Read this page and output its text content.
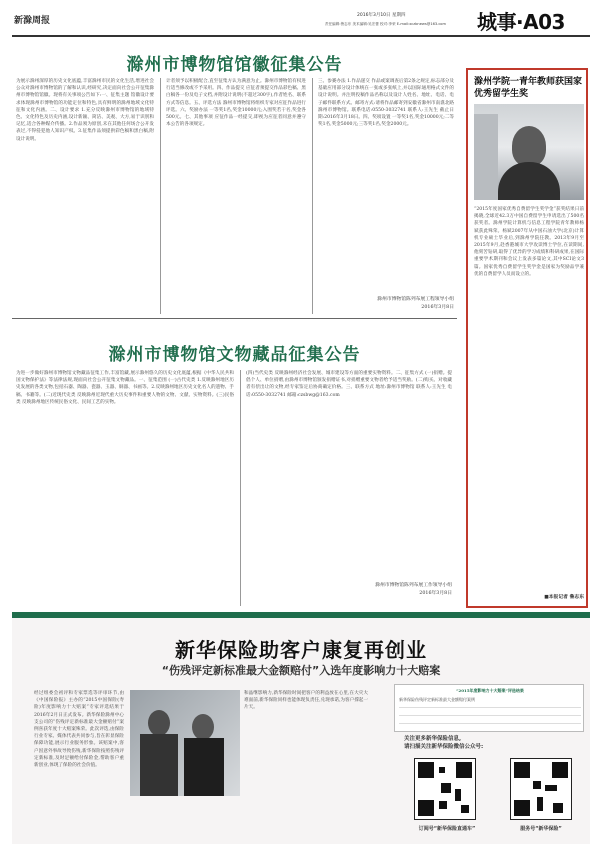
新滁周报
2016年3月10日 星期四
责任编辑:鲁志东 美术编辑:吴宏蕾 校对:李荣 E-mail:xczbnews@163.com 城事·A03
滁州市博物馆馆徽征集公告
为展示滁州深厚的历史文化底蕴,丰富滁州市民的文化生活,增进社会公众对滁州市博物馆的了解和认识,经研究,决定面向社会公开征集滁州市博物馆馆徽。现将有关事项公告如下:一、征集主题 馆徽设计要求体现滁州市博物馆的功能定位和特色,具有鲜明的滁州地域文化特征和文化内涵。二、设计要求 1.充分反映滁州市博物馆的地域特色、文化特色及历史内涵,设计新颖、简洁、美观、大方,易于识别和记忆,适合各种媒介传播。2.作品须为原创,未在其他任何场合公开发表过,不得侵犯他人知识产权。3.征集作品须提供彩色稿和黑白稿,附设计说明。
计者须予以积极配合,直至征集方认为满意为止。滁州市博物馆有权进行适当修改或不予采用。四、作品提交 应征者须提交作品彩色稿、黑白稿各一份及电子文档,并附设计说明(不超过300字),作者姓名、联系方式等信息。五、评选方法 滁州市博物馆将组织专家对应征作品进行评选。六、奖励办法 一等奖1名,奖金10000元;入围奖若干名,奖金各500元。七、其他事项 应征作品一经提交,即视为应征者同意并遵守本公告的各项规定。
三、参赛办法 1.作品递交 作品或案调查后第2条之规定,标志部分及基础应用部分设计体统在一张或多张纸上,并以国际通用格式文件的设计说明。并注明投稿作品名称以及设计人姓名、地址、电话、电子邮件联系方式。邮寄方式:请将作品邮寄到安徽省滁州市南谯北路滁州市博物馆。联系电话:0550-3032741 联系人:王先生 截止日期:2016年3月18日。四、奖项设置 一等奖1名,奖金10000元;二等奖1名,奖金5000元;三等奖1名,奖金2000元。
滁州市博物馆陈列布展工程领导小组
2016年3月8日
滁州市博物馆文物藏品征集公告
为进一步做好滁州市博物馆文物藏品征集工作,丰富馆藏,展示滁州悠久的历史文化底蕴,根据《中华人民共和国文物保护法》等法律法规,现面向社会公开征集文物藏品。一、征集范围 (一)古代史类 1.反映滁州地区历史发展的各类文物,包括石器、陶器、瓷器、玉器、铜器、书画等。2.反映滁州地区历史文化名人的遗物、手稿、书籍等。(二)近现代史类 反映滁州近现代重大历史事件和重要人物的文物、文献、实物资料。(三)民俗类 反映滁州地区传统民俗文化、民间工艺的实物。
(四)当代史类 反映滁州经济社会发展、城市建设等方面的重要实物资料。二、征集方式 (一)捐赠。提倡个人、单位捐赠,由滁州市博物馆颁发捐赠证书,对捐赠重要文物者给予适当奖励。(二)购买。对收藏者有偿出让的文物,经专家鉴定后协商确定价格。三、联系方式 地址:滁州市博物馆 联系人:王先生 电话:0550-3032741 邮箱:czsbwg@163.com
滁州市博物馆陈列布展工作领导小组
2016年3月8日
滁州学院一青年教师获国家优秀留学生奖
“2015年度国家优秀自费留学生奖学金”获奖结果日前揭晓,全球近42.3万中国自费留学生申请选出了500名获奖者。滁州学院计算机与信息工程学院青年教师杨斌获此殊荣。杨斌2007年从中国石油大学(北京)计算机专业硕士毕业后,到滁州学院任教。2013年9月至2015年9月,赴香港城市大学攻读博士学位,在读期间,他刻苦钻研,取得了优异的学习成绩和科研成果,在国际重要学术期刊和会议上发表多篇论文,其中SCI论文3篇。国家优秀自费留学生奖学金是国家为奖励品学兼优的自费留学人员而设立的。
■本报记者 鲁志东
新华保险助客户康复再创业
“伤残评定新标准最大金额赔付”入选年度影响力十大赔案
经过组委会初评和专家票选等评审环节,由《中国保险报》主办的“2015中国保险(寿险)年度影响力十大赔案”专家评选结果于2016年2月日正式发布。新华保险滁州中心支公司的“伤残评定新标准最大金额赔付”案例喜获年度十大赔案殊荣。此次评选,由保险行业专家、媒体代表共同参与,旨在彰显保险保障功能,展示行业服务形象。该赔案中,客户因意外事故导致伤残,新华保险按照伤残评定新标准,及时足额给付保险金,帮助客户重新创业,体现了保险的社会价值。
和晶继影响力,新华保险时间把客户的利益放在心里,在大灾大难面前,新华保险同样也能体现负责任,兑现承诺,为客户撑起一片天。
“2015年度影响力十大赔案”评选结果
新华保险伤残评定新标准最大金额赔付案例
关注更多新华保险信息,
请扫描关注新华保险微信公众号:
订阅号“新华保险直通车”	服务号“新华保险”
